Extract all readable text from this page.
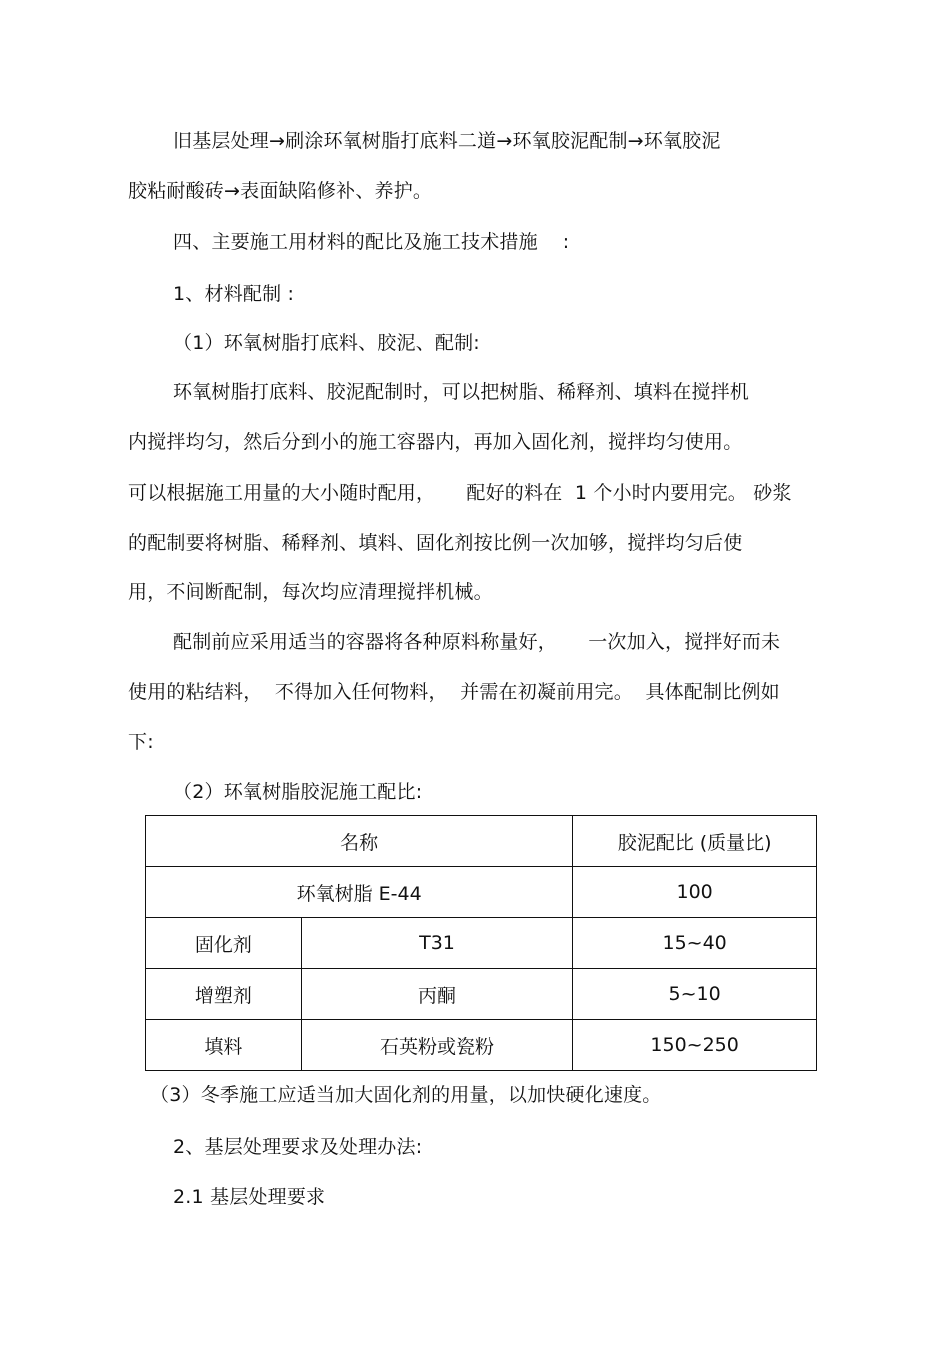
旧基层处理→刷涂环氧树脂打底料二道→环氧胶泥配制→环氧胶泥
胶粘耐酸砖→表面缺陷修补、养护。
四、主要施工用材料的配比及施工技术措施    :
1、材料配制 :
（1）环氧树脂打底料、胶泥、配制:
环氧树脂打底料、胶泥配制时，可以把树脂、稀释剂、填料在搅拌机
内搅拌均匀，然后分到小的施工容器内，再加入固化剂，搅拌均匀使用。
可以根据施工用量的大小随时配用，     配好的料在  1 个小时内要用完。 砂浆
的配制要将树脂、稀释剂、填料、固化剂按比例一次加够，搅拌均匀后使
用，不间断配制，每次均应清理搅拌机械。
配制前应采用适当的容器将各种原料称量好，     一次加入，搅拌好而未
使用的粘结料，  不得加入任何物料，  并需在初凝前用完。  具体配制比例如
下:
（2）环氧树脂胶泥施工配比:
名称		胶泥配比 (质量比)
环氧树脂 E-44		100
固化剂	T31	15~40
增塑剂	丙酮	5~10
填料	石英粉或瓷粉	150~250
（3）冬季施工应适当加大固化剂的用量，以加快硬化速度。
2、基层处理要求及处理办法:
2.1 基层处理要求
